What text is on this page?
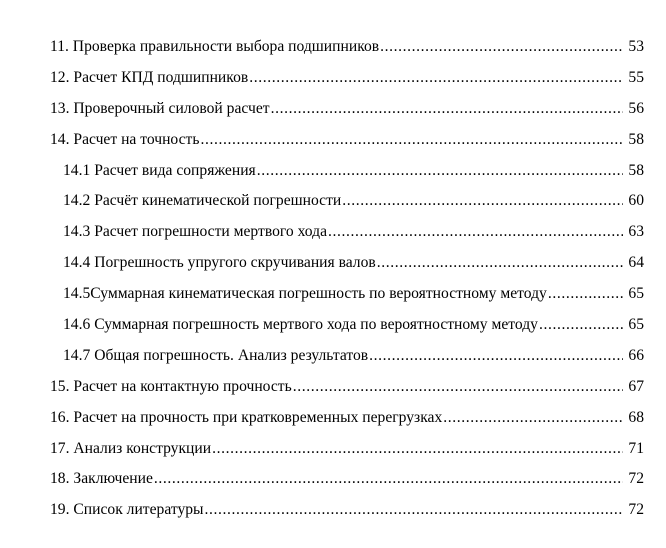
11. Проверка правильности выбора подшипников .....	53
12. Расчет КПД подшипников .....	55
13. Проверочный силовой расчет .....	56
14. Расчет на точность .....	58
14.1 Расчет вида сопряжения .....	58
14.2 Расчёт кинематической погрешности .....	60
14.3 Расчет погрешности мертвого хода .....	63
14.4 Погрешность упругого скручивания валов .....	64
14.5Суммарная кинематическая погрешность по вероятностному методу .....	65
14.6 Суммарная погрешность мертвого хода по вероятностному методу .....	65
14.7 Общая погрешность. Анализ результатов .....	66
15. Расчет на контактную прочность .....	67
16. Расчет на прочность при кратковременных перегрузках .....	68
17. Анализ конструкции .....	71
18. Заключение .....	72
19. Список литературы .....	72
